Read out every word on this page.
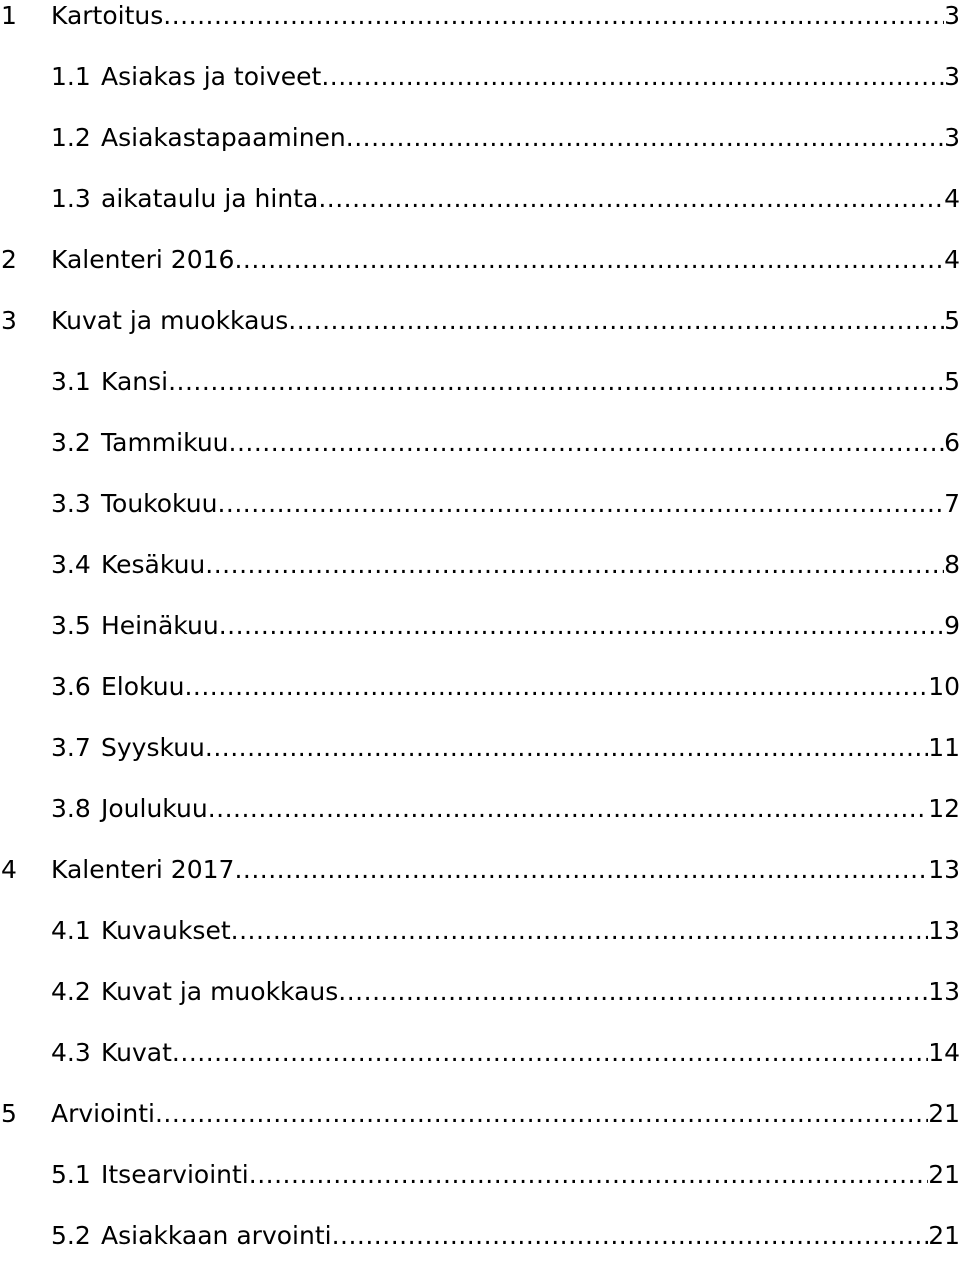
1	Kartoitus .....	3
1.1 Asiakas ja toiveet .....	3
1.2 Asiakastapaaminen .....	3
1.3 aikataulu ja hinta .....	4
2	Kalenteri 2016 .....	4
3	Kuvat ja muokkaus .....	5
3.1 Kansi .....	5
3.2 Tammikuu .....	6
3.3 Toukokuu .....	7
3.4 Kesäkuu .....	8
3.5 Heinäkuu .....	9
3.6 Elokuu .....	10
3.7 Syyskuu .....	11
3.8 Joulukuu .....	12
4	Kalenteri 2017 .....	13
4.1 Kuvaukset .....	13
4.2 Kuvat ja muokkaus .....	13
4.3 Kuvat .....	14
5	Arviointi .....	21
5.1 Itsearviointi .....	21
5.2 Asiakkaan arvointi .....	21
